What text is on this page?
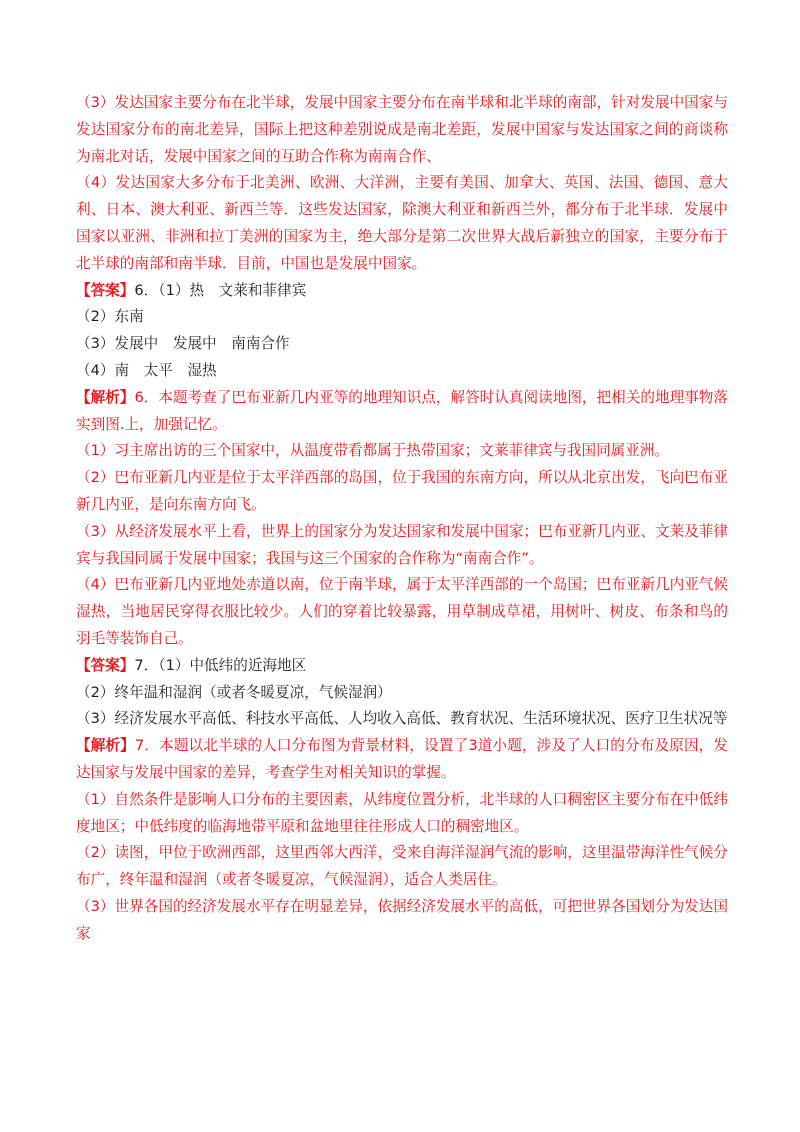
（3）发达国家主要分布在北半球，发展中国家主要分布在南半球和北半球的南部，针对发展中国家与发达国家分布的南北差异，国际上把这种差别说成是南北差距，发展中国家与发达国家之间的商谈称为南北对话，发展中国家之间的互助合作称为南南合作、

（4）发达国家大多分布于北美洲、欧洲、大洋洲，主要有美国、加拿大、英国、法国、德国、意大利、日本、澳大利亚、新西兰等．这些发达国家，除澳大利亚和新西兰外，都分布于北半球．发展中国家以亚洲、非洲和拉丁美洲的国家为主，绝大部分是第二次世界大战后新独立的国家，主要分布于北半球的南部和南半球．目前，中国也是发展中国家。

【答案】6．（1）热　文莱和菲律宾

（2）东南

（3）发展中　发展中　南南合作

（4）南　太平　湿热

【解析】6．本题考查了巴布亚新几内亚等的地理知识点，解答时认真阅读地图，把相关的地理事物落实到图.上，加强记忆。

（1）习主席出访的三个国家中，从温度带看都属于热带国家；文莱菲律宾与我国同属亚洲。

（2）巴布亚新几内亚是位于太平洋西部的岛国，位于我国的东南方向，所以从北京出发，飞向巴布亚新几内亚，是向东南方向飞。

（3）从经济发展水平上看，世界上的国家分为发达国家和发展中国家；巴布亚新几内亚、文莱及菲律宾与我国同属于发展中国家；我国与这三个国家的合作称为“南南合作”。

（4）巴布亚新几内亚地处赤道以南，位于南半球，属于太平洋西部的一个岛国；巴布亚新几内亚气候湿热，当地居民穿得衣服比较少。人们的穿着比较暴露，用草制成草裙，用树叶、树皮、布条和鸟的羽毛等装饰自己。

【答案】7．（1）中低纬的近海地区

（2）终年温和湿润（或者冬暖夏凉，气候湿润）

（3）经济发展水平高低、科技水平高低、人均收入高低、教育状况、生活环境状况、医疗卫生状况等

【解析】7．本题以北半球的人口分布图为背景材料，设置了3道小题，涉及了人口的分布及原因，发达国家与发展中国家的差异，考查学生对相关知识的掌握。

（1）自然条件是影响人口分布的主要因素，从纬度位置分析，北半球的人口稠密区主要分布在中低纬度地区；中低纬度的临海地带平原和盆地里往往形成人口的稠密地区。

（2）读图，甲位于欧洲西部，这里西邻大西洋，受来自海洋湿润气流的影响，这里温带海洋性气候分布广，终年温和湿润（或者冬暖夏凉，气候湿润），适合人类居住。

（3）世界各国的经济发展水平存在明显差异，依据经济发展水平的高低，可把世界各国划分为发达国家
